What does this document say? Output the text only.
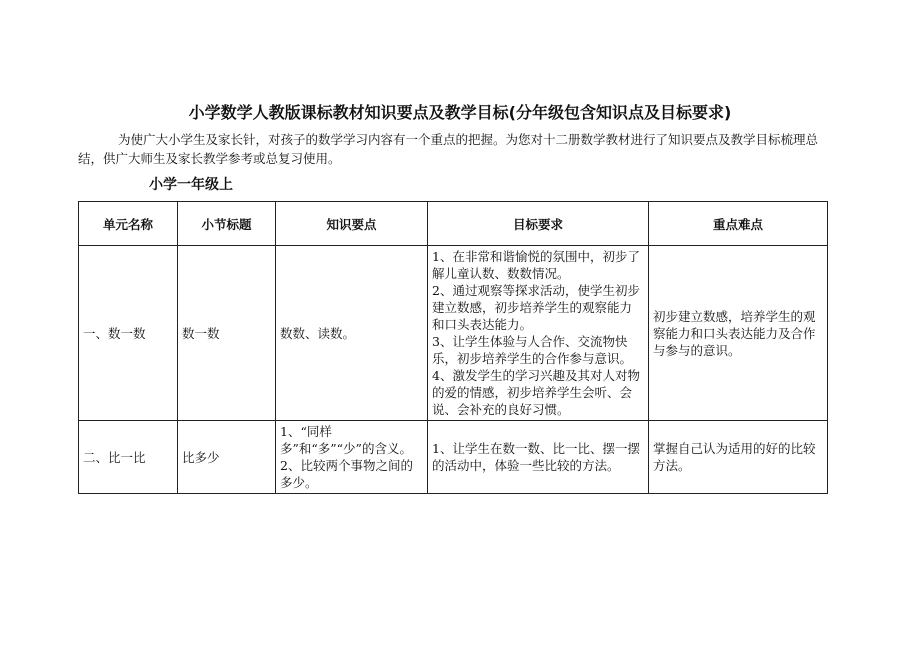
小学数学人教版课标教材知识要点及教学目标(分年级包含知识点及目标要求)
为使广大小学生及家长针，对孩子的数学学习内容有一个重点的把握。为您对十二册数学教材进行了知识要点及教学目标梳理总结，供广大师生及家长教学参考或总复习使用。
小学一年级上
单元名称	小节标题	知识要点	目标要求	重点难点
一、数一数	数一数	数数、读数。	1、在非常和谐愉悦的氛围中，初步了解儿童认数、数数情况。
2、通过观察等探求活动，使学生初步建立数感，初步培养学生的观察能力和口头表达能力。
3、让学生体验与人合作、交流物快乐，初步培养学生的合作参与意识。
4、激发学生的学习兴趣及其对人对物的爱的情感，初步培养学生会听、会说、会补充的良好习惯。	初步建立数感，培养学生的观察能力和口头表达能力及合作与参与的意识。
二、比一比	比多少	1、“同样多”和“多”“少”的含义。
2、比较两个事物之间的多少。	1、让学生在数一数、比一比、摆一摆的活动中，体验一些比较的方法。	掌握自己认为适用的好的比较方法。
